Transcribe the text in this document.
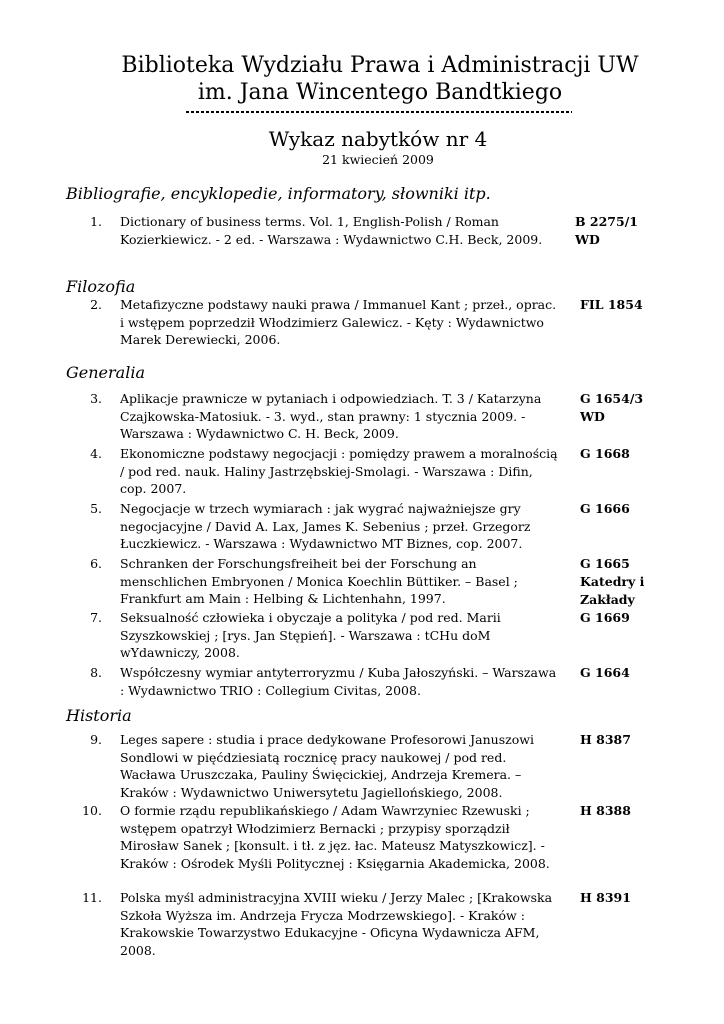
Biblioteka Wydziału Prawa i Administracji UW
im. Jana Wincentego Bandtkiego
Wykaz nabytków nr 4
21 kwiecień 2009
Bibliografie, encyklopedie, informatory, słowniki itp.
1. Dictionary of business terms. Vol. 1, English-Polish / Roman Kozierkiewicz. - 2 ed. - Warszawa : Wydawnictwo C.H. Beck, 2009.
B 2275/1
WD
Filozofia
2. Metafizyczne podstawy nauki prawa / Immanuel Kant ; przeł., oprac. i wstępem poprzedził Włodzimierz Galewicz. - Kęty : Wydawnictwo Marek Derewiecki, 2006.
FIL 1854
Generalia
3. Aplikacje prawnicze w pytaniach i odpowiedziach. T. 3 / Katarzyna Czajkowska-Matosiuk. - 3. wyd., stan prawny: 1 stycznia 2009. - Warszawa : Wydawnictwo C. H. Beck, 2009.
G 1654/3
WD
4. Ekonomiczne podstawy negocjacji : pomiędzy prawem a moralnością / pod red. nauk. Haliny Jastrzębskiej-Smolagi. - Warszawa : Difin, cop. 2007.
G 1668
5. Negocjacje w trzech wymiarach : jak wygrać najważniejsze gry negocjacyjne / David A. Lax, James K. Sebenius ; przeł. Grzegorz Łuczkiewicz. - Warszawa : Wydawnictwo MT Biznes, cop. 2007.
G 1666
6. Schranken der Forschungsfreiheit bei der Forschung an menschlichen Embryonen / Monica Koechlin Büttiker. – Basel ; Frankfurt am Main : Helbing & Lichtenhahn, 1997.
G 1665
Katedry i
Zakłady
7. Seksualność człowieka i obyczaje a polityka / pod red. Marii Szyszkowskiej ; [rys. Jan Stępień]. - Warszawa : tCHu doM wYdawniczy, 2008.
G 1669
8. Współczesny wymiar antyterroryzmu / Kuba Jałoszyński. – Warszawa : Wydawnictwo TRIO : Collegium Civitas, 2008.
G 1664
Historia
9. Leges sapere : studia i prace dedykowane Profesorowi Januszowi Sondlowi w pięćdziesiatą rocznicę pracy naukowej / pod red. Wacława Uruszczaka, Pauliny Święcickiej, Andrzeja Kremera. – Kraków : Wydawnictwo Uniwersytetu Jagiellońskiego, 2008.
H 8387
10. O formie rządu republikańskiego / Adam Wawrzyniec Rzewuski ; wstępem opatrzył Włodzimierz Bernacki ; przypisy sporządził Mirosław Sanek ; [konsult. i tł. z jęz. łac. Mateusz Matyszkowicz]. - Kraków : Ośrodek Myśli Politycznej : Księgarnia Akademicka, 2008.
H 8388
11. Polska myśl administracyjna XVIII wieku / Jerzy Malec ; [Krakowska Szkoła Wyższa im. Andrzeja Frycza Modrzewskiego]. - Kraków : Krakowskie Towarzystwo Edukacyjne - Oficyna Wydawnicza AFM, 2008.
H 8391
